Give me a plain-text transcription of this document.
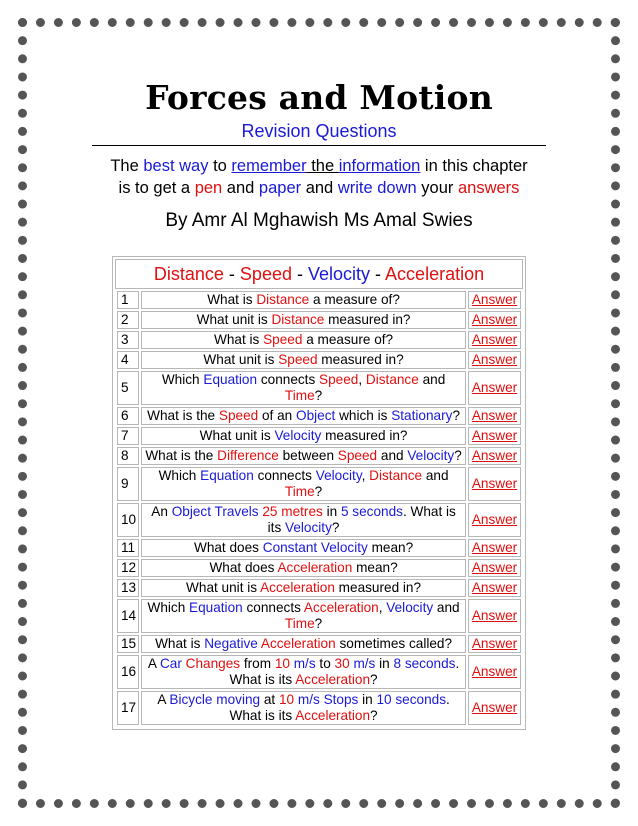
Forces and Motion
Revision Questions
The best way to remember the information in this chapter
is to get a pen and paper and write down your answers
By Amr Al Mghawish Ms Amal Swies
Distance - Speed - Velocity - Acceleration
1	What is Distance a measure of?	Answer
2	What unit is Distance measured in?	Answer
3	What is Speed a measure of?	Answer
4	What unit is Speed measured in?	Answer
5	Which Equation connects Speed, Distance and Time?	Answer
6	What is the Speed of an Object which is Stationary?	Answer
7	What unit is Velocity measured in?	Answer
8	What is the Difference between Speed and Velocity?	Answer
9	Which Equation connects Velocity, Distance and Time?	Answer
10	An Object Travels 25 metres in 5 seconds. What is its Velocity?	Answer
11	What does Constant Velocity mean?	Answer
12	What does Acceleration mean?	Answer
13	What unit is Acceleration measured in?	Answer
14	Which Equation connects Acceleration, Velocity and Time?	Answer
15	What is Negative Acceleration sometimes called?	Answer
16	A Car Changes from 10 m/s to 30 m/s in 8 seconds. What is its Acceleration?	Answer
17	A Bicycle moving at 10 m/s Stops in 10 seconds. What is its Acceleration?	Answer
